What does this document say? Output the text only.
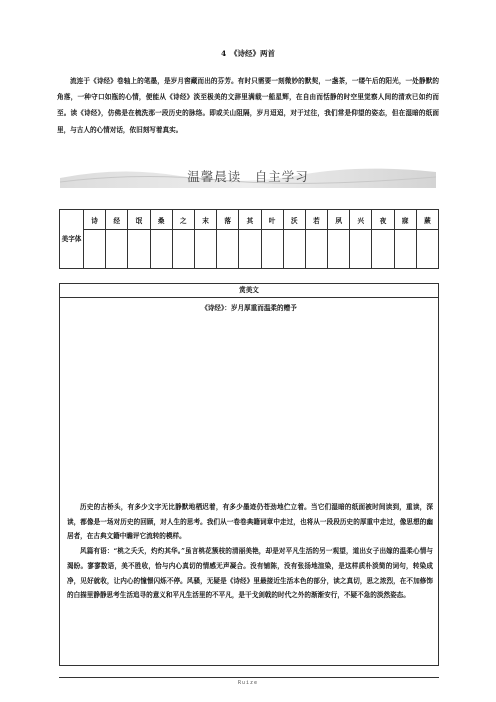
4　《诗经》两首

流连于《诗经》卷轴上的笔墨，是岁月窖藏而出的芬芳。有时只需要一刻微妙的默契，一盏茶，一缕午后的阳光，一处静默的角落，一种守口如瓶的心情，便能从《诗经》淡至极美的文辞里满载一船星辉，在自由而恬静的时空里觉察人间的清欢已如约而至。读《诗经》，仿佛是在梳洗那一段历史的脉络。即或关山阻隔，岁月迢迢，对于过往，我们常是仰望的姿态，但在湿暗的纸面里，与古人的心情对话，依旧刻写着真实。

温馨晨读　自主学习
美字体	诗	经	氓	桑	之	末	落	其	叶	沃	若	夙	兴	夜	寐	蕨

赏美文
《诗经》：岁月厚重而温柔的赠予

历史的古桥头，有多少文字无比静默地栖迟着，有多少墨迹仍苍劲地伫立着。当它们湿暗的纸面被时间读到，重读，深读，都像是一场对历史的回顾，对人生的思考。我们从一卷卷典籍词章中走过，也将从一段段历史的厚重中走过，像思想的幽居者，在古典文籍中瞻评它流转的模样。

风篇有语：“桃之夭夭，灼灼其华。”虽言桃花簇枝的清丽美艳，却是对平凡生活的另一观望，道出女子出嫁的温柔心情与渴盼。寥寥数语，美不胜收，恰与内心真切的情感无声凝合。没有铺陈，没有张扬地渲染，是这样质朴淡简的词句，转染成净，见好就收，让内心的憧憬闪烁不停。风骚，无疑是《诗经》里最接近生活本色的部分，读之真切，思之浓烈，在不加修饰的白描里静静思考生活追寻的意义和平凡生活里的不平凡，是干戈剑戟的时代之外的渐渐安行，不疑不急的淡然姿态。

Ruize
